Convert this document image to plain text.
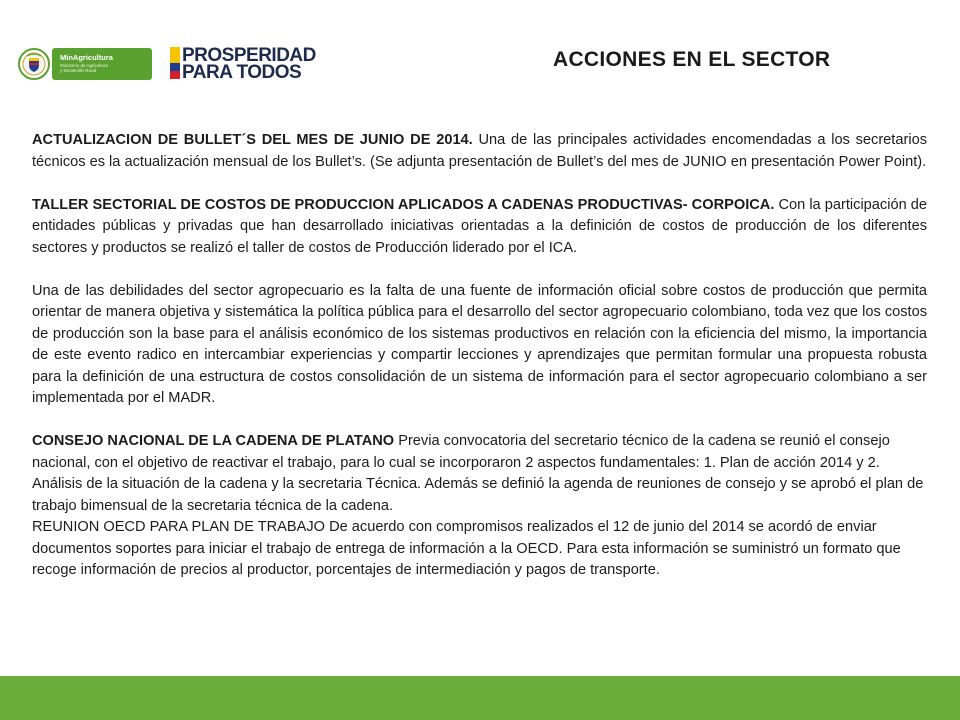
MinAgricultura
Ministerio de Agricultura
y Desarrollo Rural
PROSPERIDAD
PARA TODOS
ACCIONES EN EL SECTOR

ACTUALIZACION DE BULLET´S DEL MES DE JUNIO DE 2014. Una de las principales actividades encomendadas a los secretarios técnicos es la actualización mensual de los Bullet’s. (Se adjunta presentación de Bullet’s del mes de JUNIO en presentación Power Point).

TALLER SECTORIAL DE COSTOS DE PRODUCCION APLICADOS A CADENAS PRODUCTIVAS- CORPOICA. Con la participación de entidades públicas y privadas que han desarrollado iniciativas orientadas a la definición de costos de producción de los diferentes sectores y productos se realizó el taller de costos de Producción liderado por el ICA.

Una de las debilidades del sector agropecuario es la falta de una fuente de información oficial sobre costos de producción que permita orientar de manera objetiva y sistemática la política pública para el desarrollo del sector agropecuario colombiano, toda vez que los costos de producción son la base para el análisis económico de los sistemas productivos en relación con la eficiencia del mismo, la importancia de este evento radico en intercambiar experiencias y compartir lecciones y aprendizajes que permitan formular una propuesta robusta para la definición de una estructura de costos consolidación de un sistema de información para el sector agropecuario colombiano a ser implementada por el MADR.

CONSEJO NACIONAL DE LA CADENA DE PLATANO Previa convocatoria del secretario técnico de la cadena se reunió el consejo nacional, con el objetivo de reactivar el trabajo, para lo cual se incorporaron 2 aspectos fundamentales: 1. Plan de acción 2014 y 2. Análisis de la situación de la cadena y la secretaria Técnica. Además se definió la agenda de reuniones de consejo y se aprobó el plan de trabajo bimensual de la secretaria técnica de la cadena.

REUNION OECD PARA PLAN DE TRABAJO De acuerdo con compromisos realizados el 12 de junio del 2014 se acordó de enviar documentos soportes para iniciar el trabajo de entrega de información a la OECD. Para esta información se suministró un formato que recoge información de precios al productor, porcentajes de intermediación y pagos de transporte.
